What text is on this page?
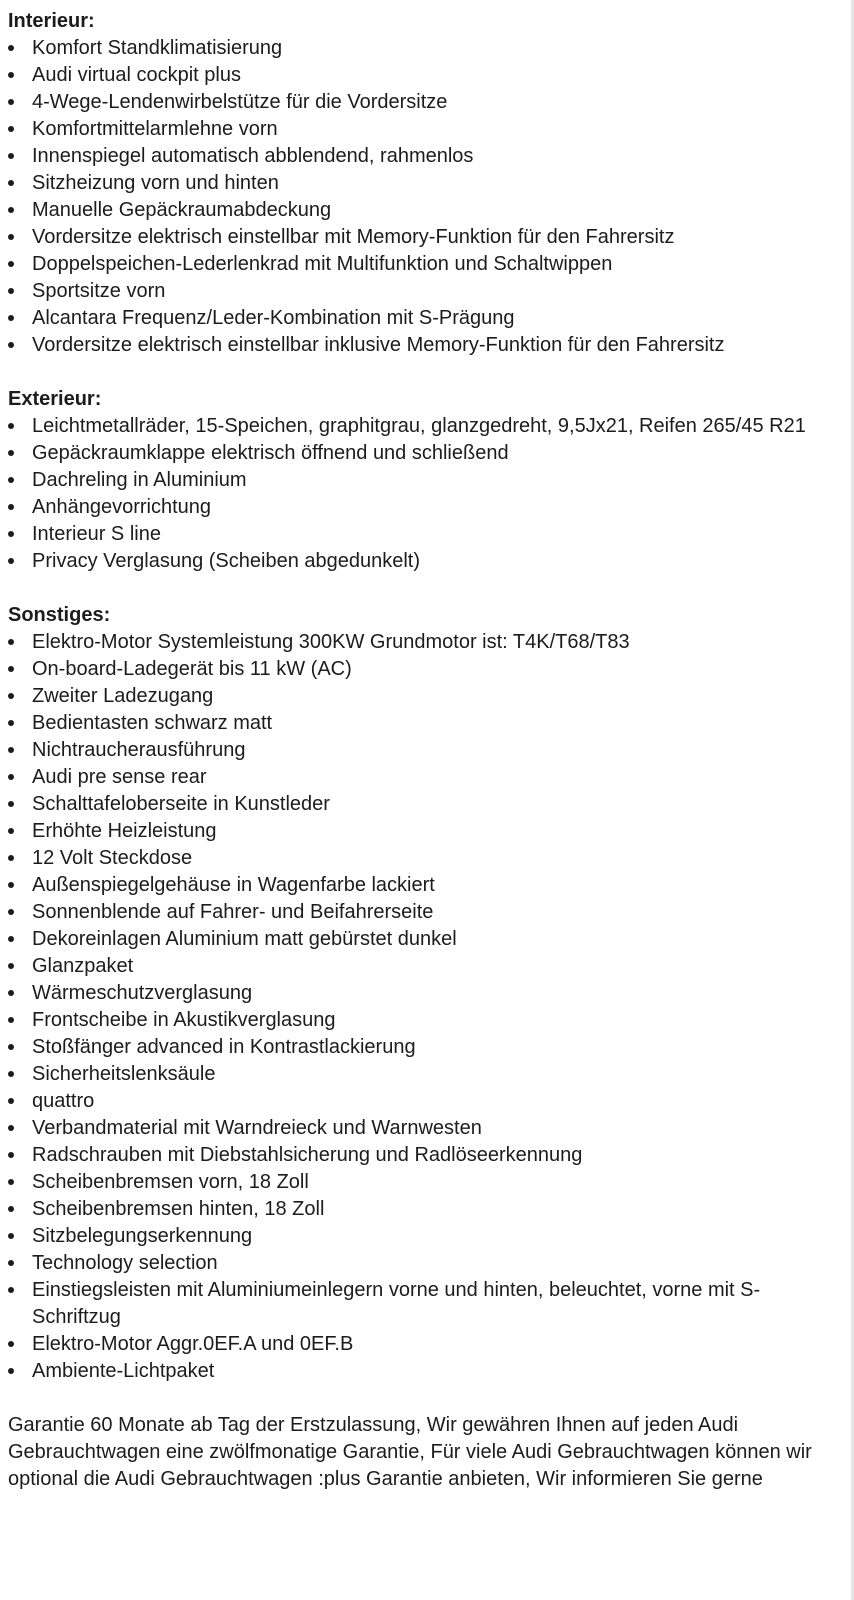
Interieur:
Komfort Standklimatisierung
Audi virtual cockpit plus
4-Wege-Lendenwirbelstütze für die Vordersitze
Komfortmittelarmlehne vorn
Innenspiegel automatisch abblendend, rahmenlos
Sitzheizung vorn und hinten
Manuelle Gepäckraumabdeckung
Vordersitze elektrisch einstellbar mit Memory-Funktion für den Fahrersitz
Doppelspeichen-Lederlenkrad mit Multifunktion und Schaltwippen
Sportsitze vorn
Alcantara Frequenz/Leder-Kombination mit S-Prägung
Vordersitze elektrisch einstellbar inklusive Memory-Funktion für den Fahrersitz
Exterieur:
Leichtmetallräder, 15-Speichen, graphitgrau, glanzgedreht, 9,5Jx21, Reifen 265/45 R21
Gepäckraumklappe elektrisch öffnend und schließend
Dachreling in Aluminium
Anhängevorrichtung
Interieur S line
Privacy Verglasung (Scheiben abgedunkelt)
Sonstiges:
Elektro-Motor Systemleistung 300KW Grundmotor ist: T4K/T68/T83
On-board-Ladegerät bis 11 kW (AC)
Zweiter Ladezugang
Bedientasten schwarz matt
Nichtraucherausführung
Audi pre sense rear
Schalttafeloberseite in Kunstleder
Erhöhte Heizleistung
12 Volt Steckdose
Außenspiegelgehäuse in Wagenfarbe lackiert
Sonnenblende auf Fahrer- und Beifahrerseite
Dekoreinlagen Aluminium matt gebürstet dunkel
Glanzpaket
Wärmeschutzverglasung
Frontscheibe in Akustikverglasung
Stoßfänger advanced in Kontrastlackierung
Sicherheitslenksäule
quattro
Verbandmaterial mit Warndreieck und Warnwesten
Radschrauben mit Diebstahlsicherung und Radlöseerkennung
Scheibenbremsen vorn, 18 Zoll
Scheibenbremsen hinten, 18 Zoll
Sitzbelegungserkennung
Technology selection
Einstiegsleisten mit Aluminiumeinlegern vorne und hinten, beleuchtet, vorne mit S-Schriftzug
Elektro-Motor Aggr.0EF.A und 0EF.B
Ambiente-Lichtpaket

Garantie 60 Monate ab Tag der Erstzulassung, Wir gewähren Ihnen auf jeden Audi Gebrauchtwagen eine zwölfmonatige Garantie, Für viele Audi Gebrauchtwagen können wir optional die Audi Gebrauchtwagen :plus Garantie anbieten, Wir informieren Sie gerne
